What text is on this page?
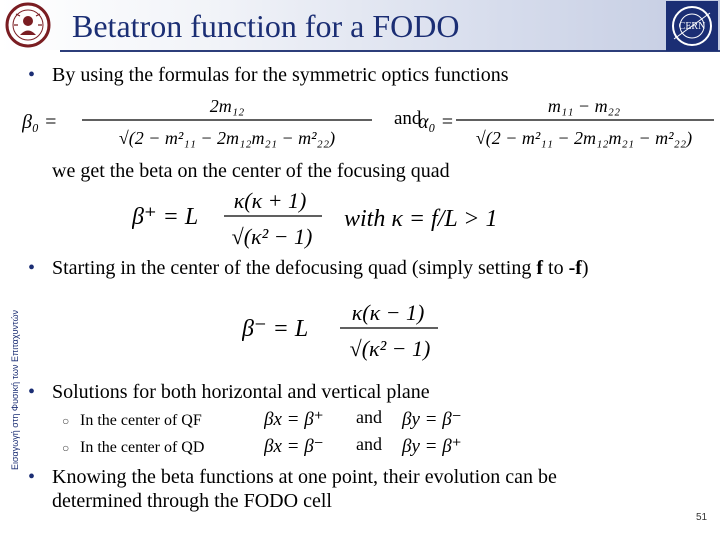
Betatron function for a FODO	CERN
Εισαγωγή στη Φυσική των Επιταχυντών
• By using the formulas for the symmetric optics functions
β₀ =
2m₁₂
√(2 − m²₁₁ − 2m₁₂m₂₁ − m²₂₂)
and
α₀ =
m₁₁ − m₂₂
√(2 − m²₁₁ − 2m₁₂m₂₁ − m²₂₂)
we get the beta on the center of the focusing quad
β⁺ = L
κ(κ + 1)
√(κ² − 1)
with κ = f/L > 1
• Starting in the center of the defocusing quad (simply setting f to -f)
β⁻ = L
κ(κ − 1)
√(κ² − 1)
• Solutions for both horizontal and vertical plane
○ In the center of QF	βx = β⁺ and βy = β⁻
○ In the center of QD	βx = β⁻ and βy = β⁺
• Knowing the beta functions at one point, their evolution can be
determined through the FODO cell
51
